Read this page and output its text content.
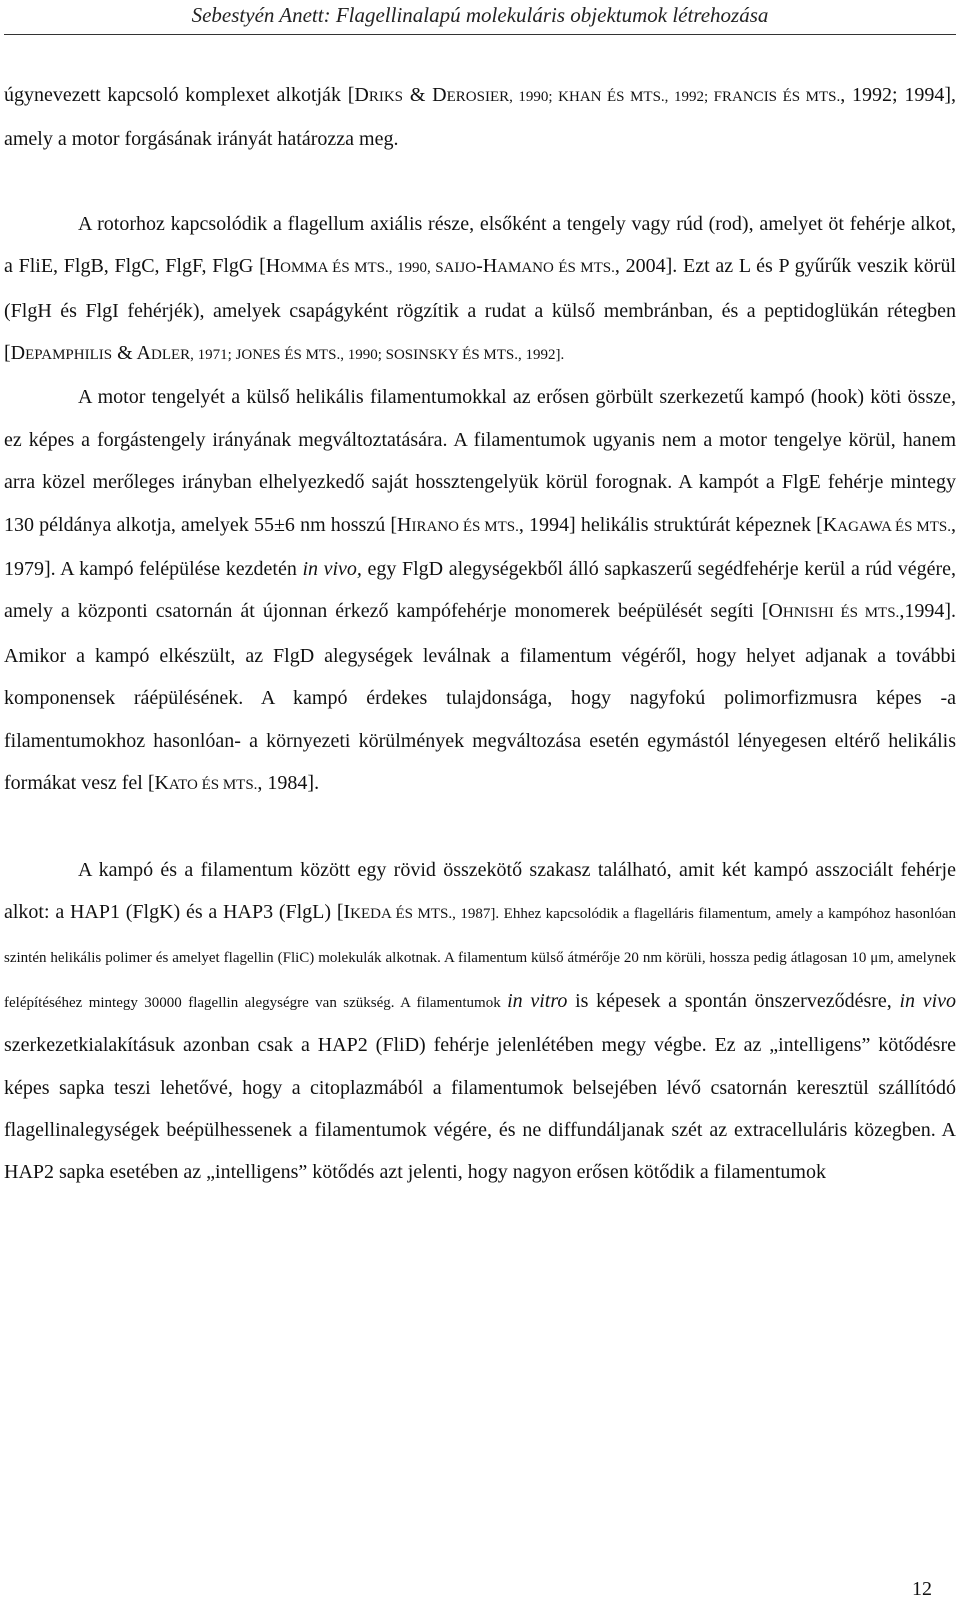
Sebestyén Anett: Flagellinalapú molekuláris objektumok létrehozása

úgynevezett kapcsoló komplexet alkotják [DRIKS & DEROSIER, 1990; KHAN ÉS MTS., 1992; FRANCIS ÉS MTS., 1992; 1994], amely a motor forgásának irányát határozza meg.

A rotorhoz kapcsolódik a flagellum axiális része, elsőként a tengely vagy rúd (rod), amelyet öt fehérje alkot, a FliE, FlgB, FlgC, FlgF, FlgG [HOMMA ÉS MTS., 1990, SAIJO-HAMANO ÉS MTS., 2004]. Ezt az L és P gyűrűk veszik körül (FlgH és FlgI fehérjék), amelyek csapágyként rögzítik a rudat a külső membránban, és a peptidoglükán rétegben [DEPAMPHILIS & ADLER, 1971; JONES ÉS MTS., 1990; SOSINSKY ÉS MTS., 1992].

A motor tengelyét a külső helikális filamentumokkal az erősen görbült szerkezetű kampó (hook) köti össze, ez képes a forgástengely irányának megváltoztatására. A filamentumok ugyanis nem a motor tengelye körül, hanem arra közel merőleges irányban elhelyezkedő saját hossztengelyük körül forognak. A kampót a FlgE fehérje mintegy 130 példánya alkotja, amelyek 55±6 nm hosszú [HIRANO ÉS MTS., 1994] helikális struktúrát képeznek [KAGAWA ÉS MTS., 1979]. A kampó felépülése kezdetén in vivo, egy FlgD alegységekből álló sapkaszerű segédfehérje kerül a rúd végére, amely a központi csatornán át újonnan érkező kampófehérje monomerek beépülését segíti [OHNISHI ÉS MTS.,1994]. Amikor a kampó elkészült, az FlgD alegységek leválnak a filamentum végéről, hogy helyet adjanak a további komponensek ráépülésének. A kampó érdekes tulajdonsága, hogy nagyfokú polimorfizmusra képes -a filamentumokhoz hasonlóan- a környezeti körülmények megváltozása esetén egymástól lényegesen eltérő helikális formákat vesz fel [KATO ÉS MTS., 1984].

A kampó és a filamentum között egy rövid összekötő szakasz található, amit két kampó asszociált fehérje alkot: a HAP1 (FlgK) és a HAP3 (FlgL) [IKEDA ÉS MTS., 1987]. Ehhez kapcsolódik a flagelláris filamentum, amely a kampóhoz hasonlóan szintén helikális polimer és amelyet flagellin (FliC) molekulák alkotnak. A filamentum külső átmérője 20 nm körüli, hossza pedig átlagosan 10 μm, amelynek felépítéséhez mintegy 30000 flagellin alegységre van szükség. A filamentumok in vitro is képesek a spontán önszerveződésre, in vivo szerkezetkialakításuk azonban csak a HAP2 (FliD) fehérje jelenlétében megy végbe. Ez az „intelligens” kötődésre képes sapka teszi lehetővé, hogy a citoplazmából a filamentumok belsejében lévő csatornán keresztül szállítódó flagellinalegységek beépülhessenek a filamentumok végére, és ne diffundáljanak szét az extracelluláris közegben. A HAP2 sapka esetében az „intelligens” kötődés azt jelenti, hogy nagyon erősen kötődik a filamentumok

12
